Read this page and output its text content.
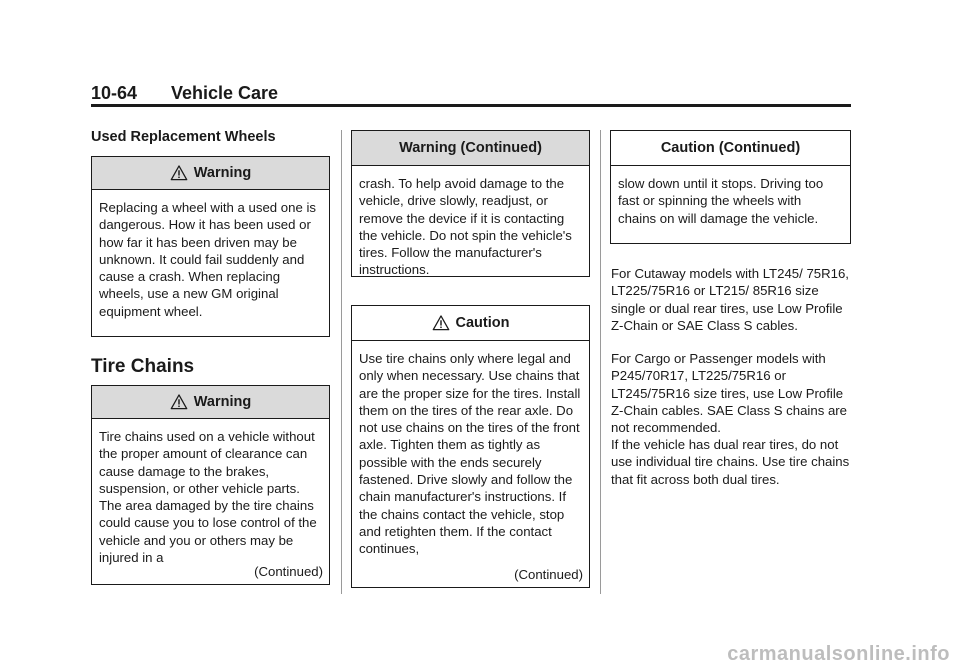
10-64 Vehicle Care
Used Replacement Wheels
Warning
Replacing a wheel with a used one is dangerous. How it has been used or how far it has been driven may be unknown. It could fail suddenly and cause a crash. When replacing wheels, use a new GM original equipment wheel.
Tire Chains
Warning
Tire chains used on a vehicle without the proper amount of clearance can cause damage to the brakes, suspension, or other vehicle parts. The area damaged by the tire chains could cause you to lose control of the vehicle and you or others may be injured in a
(Continued)
Warning (Continued)
crash. To help avoid damage to the vehicle, drive slowly, readjust, or remove the device if it is contacting the vehicle. Do not spin the vehicle's tires. Follow the manufacturer's instructions.
Caution
Use tire chains only where legal and only when necessary. Use chains that are the proper size for the tires. Install them on the tires of the rear axle. Do not use chains on the tires of the front axle. Tighten them as tightly as possible with the ends securely fastened. Drive slowly and follow the chain manufacturer's instructions. If the chains contact the vehicle, stop and retighten them. If the contact continues,
(Continued)
Caution (Continued)
slow down until it stops. Driving too fast or spinning the wheels with chains on will damage the vehicle.
For Cutaway models with LT245/ 75R16, LT225/75R16 or LT215/ 85R16 size single or dual rear tires, use Low Profile Z-Chain or SAE Class S cables.
For Cargo or Passenger models with P245/70R17, LT225/75R16 or LT245/75R16 size tires, use Low Profile Z-Chain cables. SAE Class S chains are not recommended.
If the vehicle has dual rear tires, do not use individual tire chains. Use tire chains that fit across both dual tires.
carmanualsonline.info
